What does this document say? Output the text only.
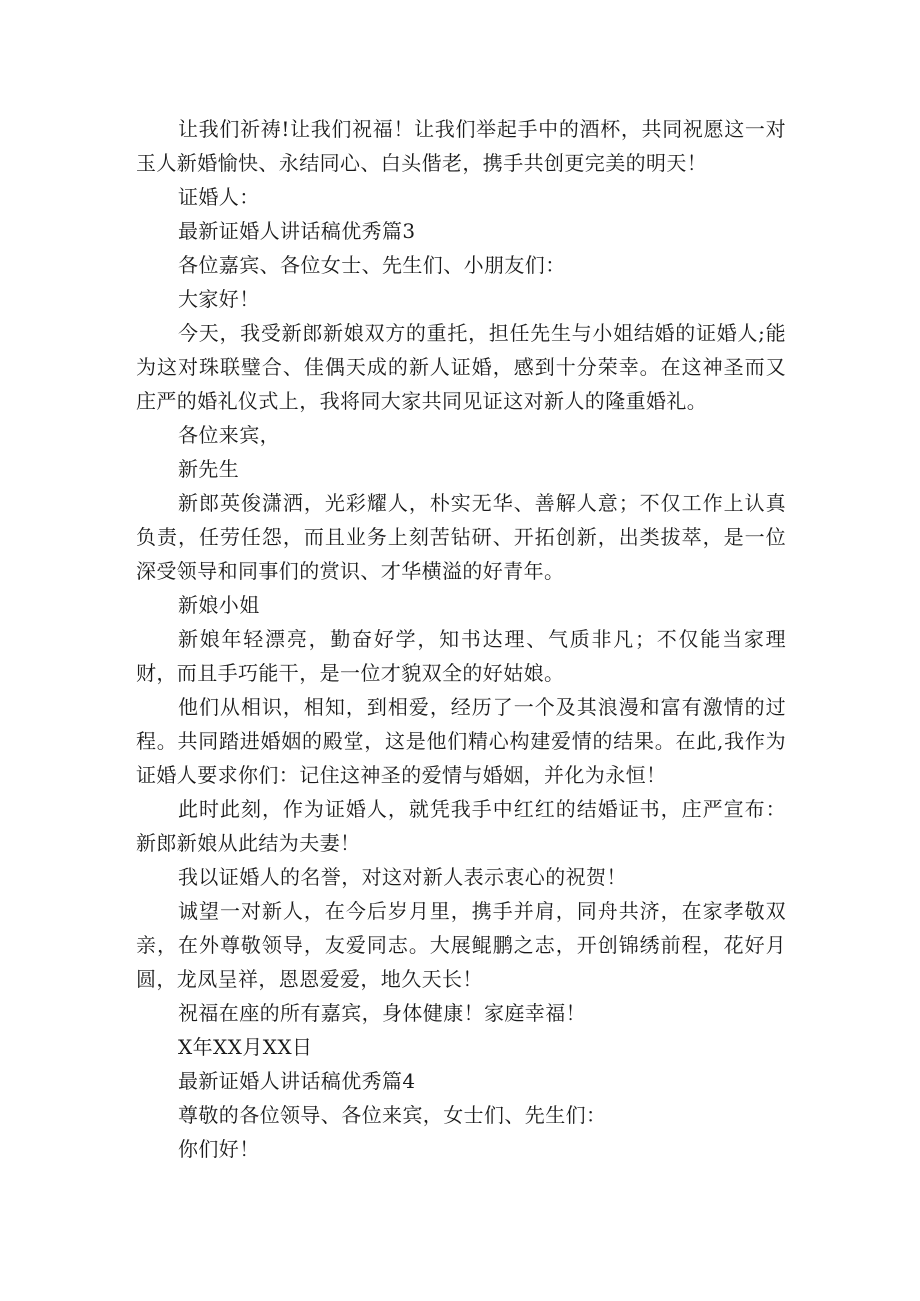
让我们祈祷!让我们祝福！让我们举起手中的酒杯，共同祝愿这一对玉人新婚愉快、永结同心、白头偕老，携手共创更完美的明天！

证婚人：

最新证婚人讲话稿优秀篇3

各位嘉宾、各位女士、先生们、小朋友们：

大家好！

今天，我受新郎新娘双方的重托，担任先生与小姐结婚的证婚人;能为这对珠联璧合、佳偶天成的新人证婚，感到十分荣幸。在这神圣而又庄严的婚礼仪式上，我将同大家共同见证这对新人的隆重婚礼。

各位来宾，

新先生

新郎英俊潇洒，光彩耀人，朴实无华、善解人意；不仅工作上认真负责，任劳任怨，而且业务上刻苦钻研、开拓创新，出类拔萃，是一位深受领导和同事们的赏识、才华横溢的好青年。

新娘小姐

新娘年轻漂亮，勤奋好学，知书达理、气质非凡；不仅能当家理财，而且手巧能干，是一位才貌双全的好姑娘。

他们从相识，相知，到相爱，经历了一个及其浪漫和富有激情的过程。共同踏进婚姻的殿堂，这是他们精心构建爱情的结果。在此,我作为证婚人要求你们：记住这神圣的爱情与婚姻，并化为永恒！

此时此刻，作为证婚人，就凭我手中红红的结婚证书，庄严宣布：新郎新娘从此结为夫妻！

我以证婚人的名誉，对这对新人表示衷心的祝贺！

诚望一对新人，在今后岁月里，携手并肩，同舟共济，在家孝敬双亲，在外尊敬领导，友爱同志。大展鲲鹏之志，开创锦绣前程，花好月圆，龙凤呈祥，恩恩爱爱，地久天长！

祝福在座的所有嘉宾，身体健康！家庭幸福！

X年XX月XX日

最新证婚人讲话稿优秀篇4

尊敬的各位领导、各位来宾，女士们、先生们：

你们好！
